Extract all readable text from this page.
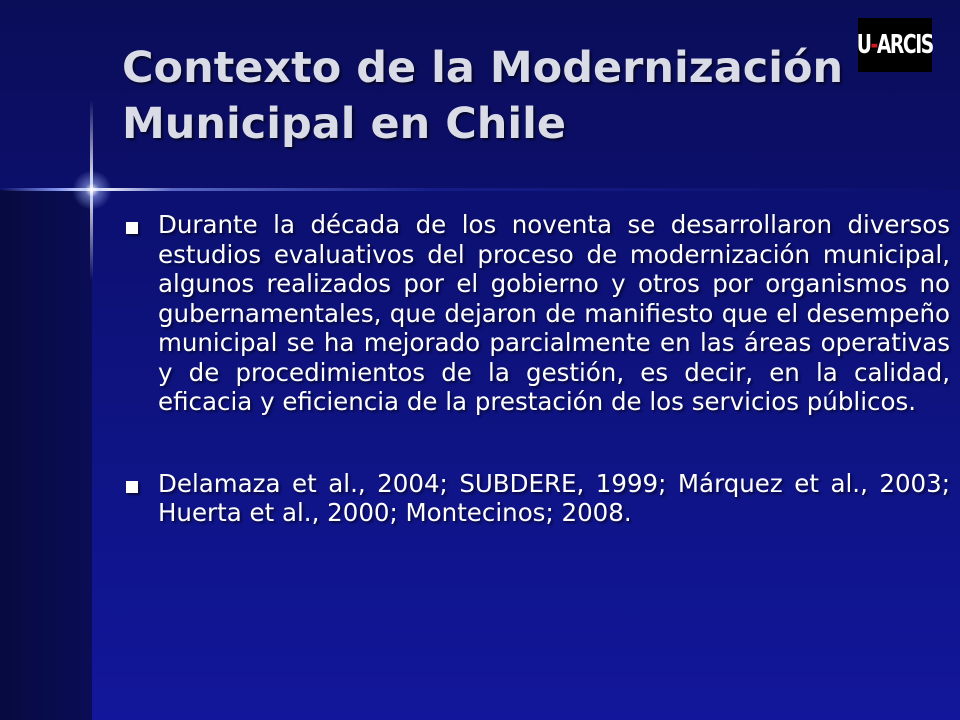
Contexto de la Modernización
Municipal en Chile
U-ARCIS
Durante la década de los noventa se desarrollaron diversos estudios evaluativos del proceso de modernización municipal, algunos realizados por el gobierno y otros por organismos no gubernamentales, que dejaron de manifiesto que el desempeño municipal se ha mejorado parcialmente en las áreas operativas y de procedimientos de la gestión, es decir, en la calidad, eficacia y eficiencia de la prestación de los servicios públicos.
Delamaza et al., 2004; SUBDERE, 1999; Márquez et al., 2003; Huerta et al., 2000; Montecinos; 2008.
